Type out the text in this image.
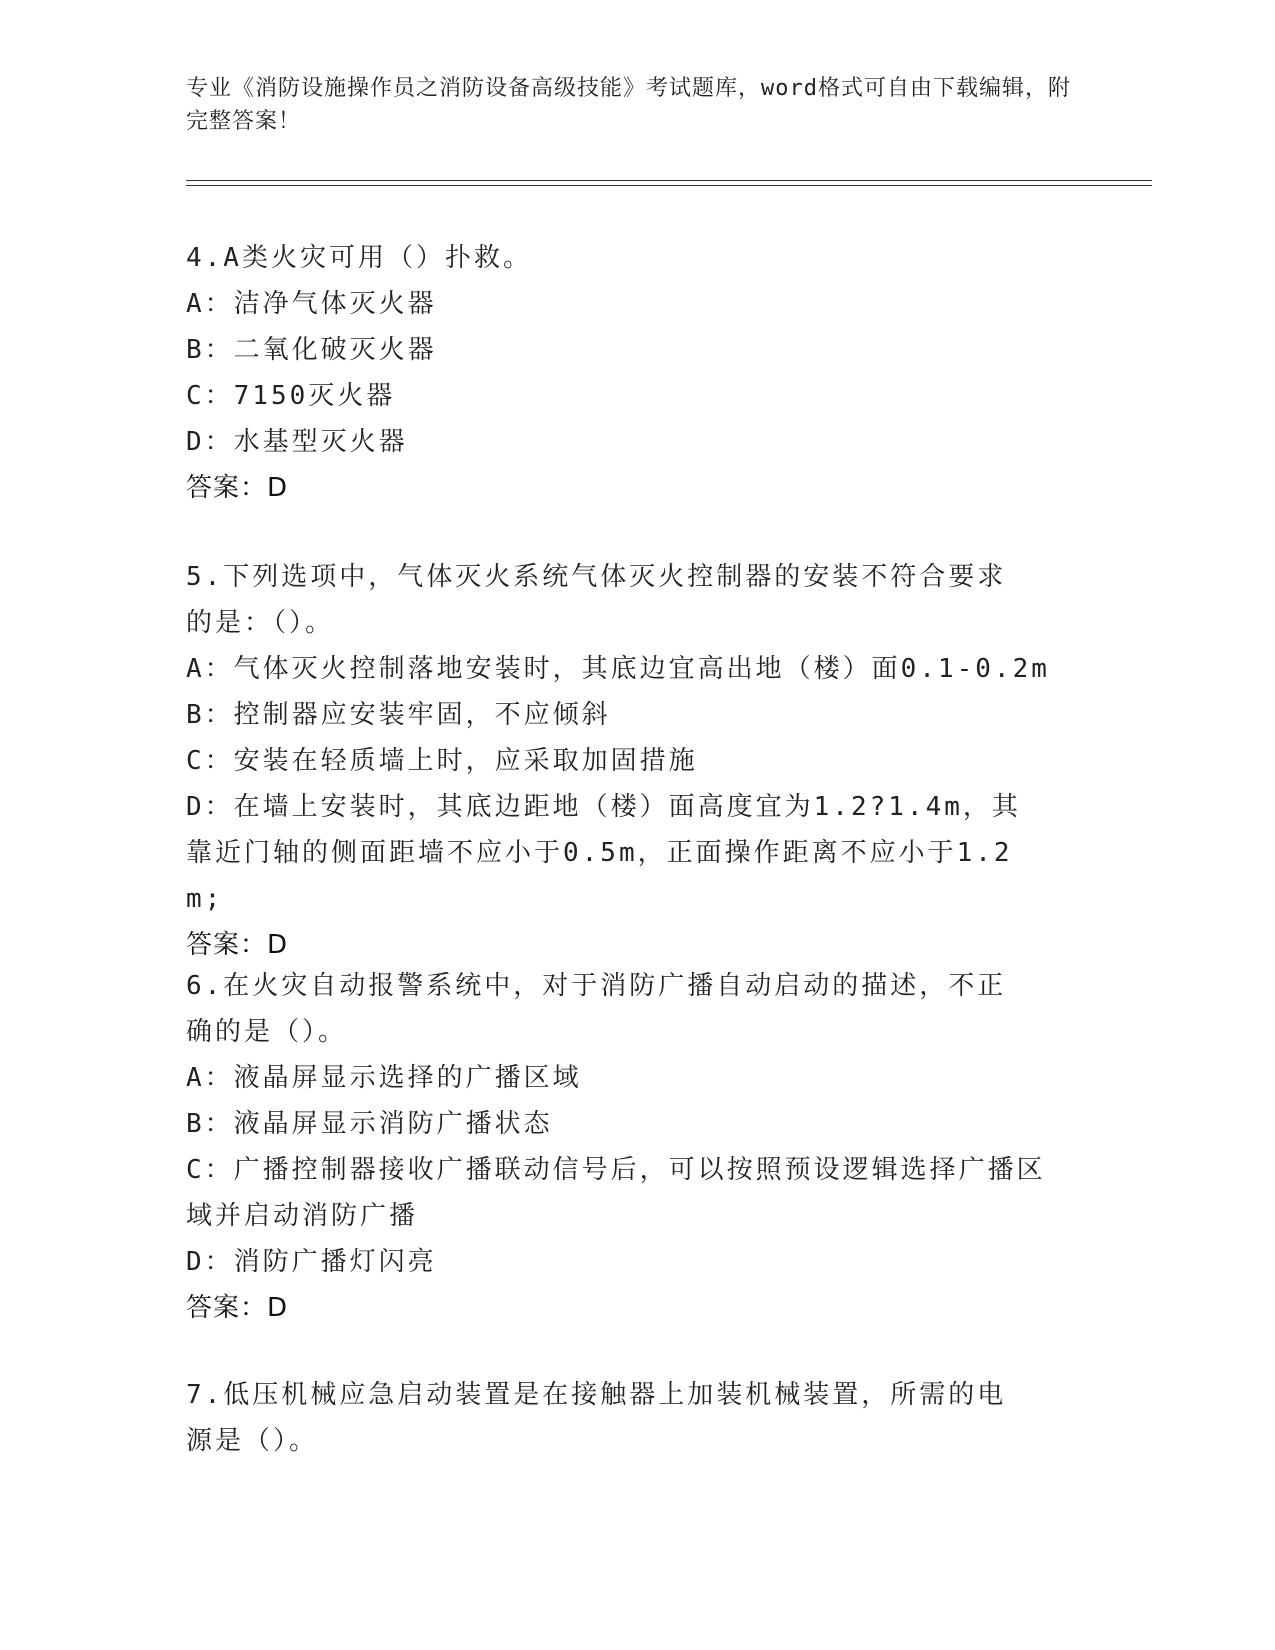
专业《消防设施操作员之消防设备高级技能》考试题库，word格式可自由下载编辑，附完整答案！
4.A类火灾可用（）扑救。
A：洁净气体灭火器
B：二氧化破灭火器
C：7150灭火器
D：水基型灭火器
答案：D
5.下列选项中，气体灭火系统气体灭火控制器的安装不符合要求的是：（）。
A：气体灭火控制落地安装时，其底边宜高出地（楼）面0.1-0.2m
B：控制器应安装牢固，不应倾斜
C：安装在轻质墙上时，应采取加固措施
D：在墙上安装时，其底边距地（楼）面高度宜为1.2?1.4m，其靠近门轴的侧面距墙不应小于0.5m，正面操作距离不应小于1.2m;
答案：D
6.在火灾自动报警系统中，对于消防广播自动启动的描述，不正确的是（）。
A：液晶屏显示选择的广播区域
B：液晶屏显示消防广播状态
C：广播控制器接收广播联动信号后，可以按照预设逻辑选择广播区域并启动消防广播
D：消防广播灯闪亮
答案：D
7.低压机械应急启动装置是在接触器上加装机械装置，所需的电源是（）。
